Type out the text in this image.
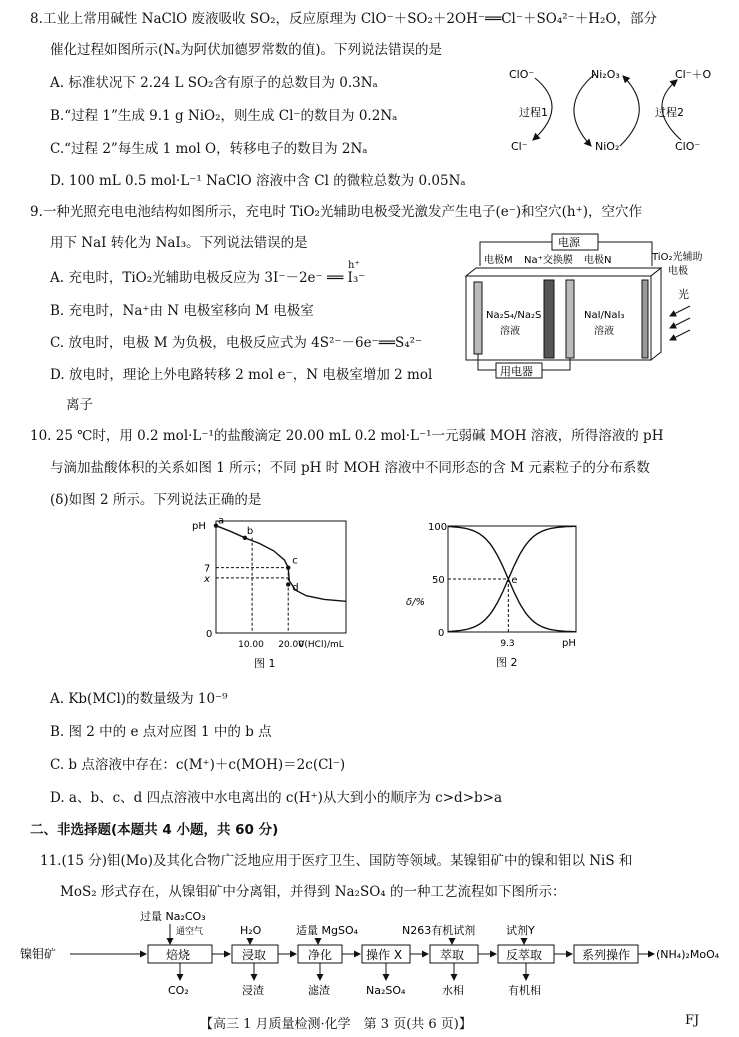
8.工业上常用碱性 NaClO 废液吸收 SO₂，反应原理为 ClO⁻＋SO₂＋2OH⁻══Cl⁻＋SO₄²⁻＋H₂O，部分
催化过程如图所示(Nₐ为阿伏加德罗常数的值)。下列说法错误的是
A. 标准状况下 2.24 L SO₂含有原子的总数目为 0.3Nₐ
B.“过程 1”生成 9.1 g NiO₂，则生成 Cl⁻的数目为 0.2Nₐ
C.“过程 2”每生成 1 mol O，转移电子的数目为 2Nₐ
D. 100 mL 0.5 mol·L⁻¹ NaClO 溶液中含 Cl 的微粒总数为 0.05Nₐ
ClO⁻	Ni₂O₃	Cl⁻＋O
过程1	过程2
Cl⁻	NiO₂	ClO⁻
9.一种光照充电电池结构如图所示，充电时 TiO₂光辅助电极受光激发产生电子(e⁻)和空穴(h⁺)，空穴作
用下 NaI 转化为 NaI₃。下列说法错误的是
A. 充电时，TiO₂光辅助电极反应为 3I⁻－2e⁻ ══ I₃⁻
h⁺
B. 充电时，Na⁺由 N 电极室移向 M 电极室
C. 放电时，电极 M 为负极，电极反应式为 4S²⁻－6e⁻══S₄²⁻
D. 放电时，理论上外电路转移 2 mol e⁻，N 电极室增加 2 mol
离子
电源
TiO₂光辅助
电极
电极M Na⁺交换膜 电极N
Na₂S₄/Na₂S
溶液
NaI/NaI₃
溶液
光
用电器
10. 25 ℃时，用 0.2 mol·L⁻¹的盐酸滴定 20.00 mL 0.2 mol·L⁻¹一元弱碱 MOH 溶液，所得溶液的 pH
与滴加盐酸体积的关系如图 1 所示；不同 pH 时 MOH 溶液中不同形态的含 M 元素粒子的分布系数
(δ)如图 2 所示。下列说法正确的是
pH
0
7
x
10.00 20.00
V(HCl)/mL
图 1
a
b
c
d
δ/%
100
50
0
9.3	pH
图 2
e
A. Kb(MCl)的数量级为 10⁻⁹
B. 图 2 中的 e 点对应图 1 中的 b 点
C. b 点溶液中存在：c(M⁺)＋c(MOH)＝2c(Cl⁻)
D. a、b、c、d 四点溶液中水电离出的 c(H⁺)从大到小的顺序为 c>d>b>a
二、非选择题(本题共 4 小题，共 60 分)
11.(15 分)钼(Mo)及其化合物广泛地应用于医疗卫生、国防等领域。某镍钼矿中的镍和钼以 NiS 和
MoS₂ 形式存在，从镍钼矿中分离钼，并得到 Na₂SO₄ 的一种工艺流程如下图所示：
镍钼矿
过量 Na₂CO₃
通空气
焙烧
CO₂
H₂O
浸取
浸渣
适量 MgSO₄
净化
滤渣
操作 X
Na₂SO₄
N263有机试剂
萃取
水相
试剂Y
反萃取
有机相
系列操作 (NH₄)₂MoO₄
【高三 1 月质量检测·化学　第 3 页(共 6 页)】	FJ
